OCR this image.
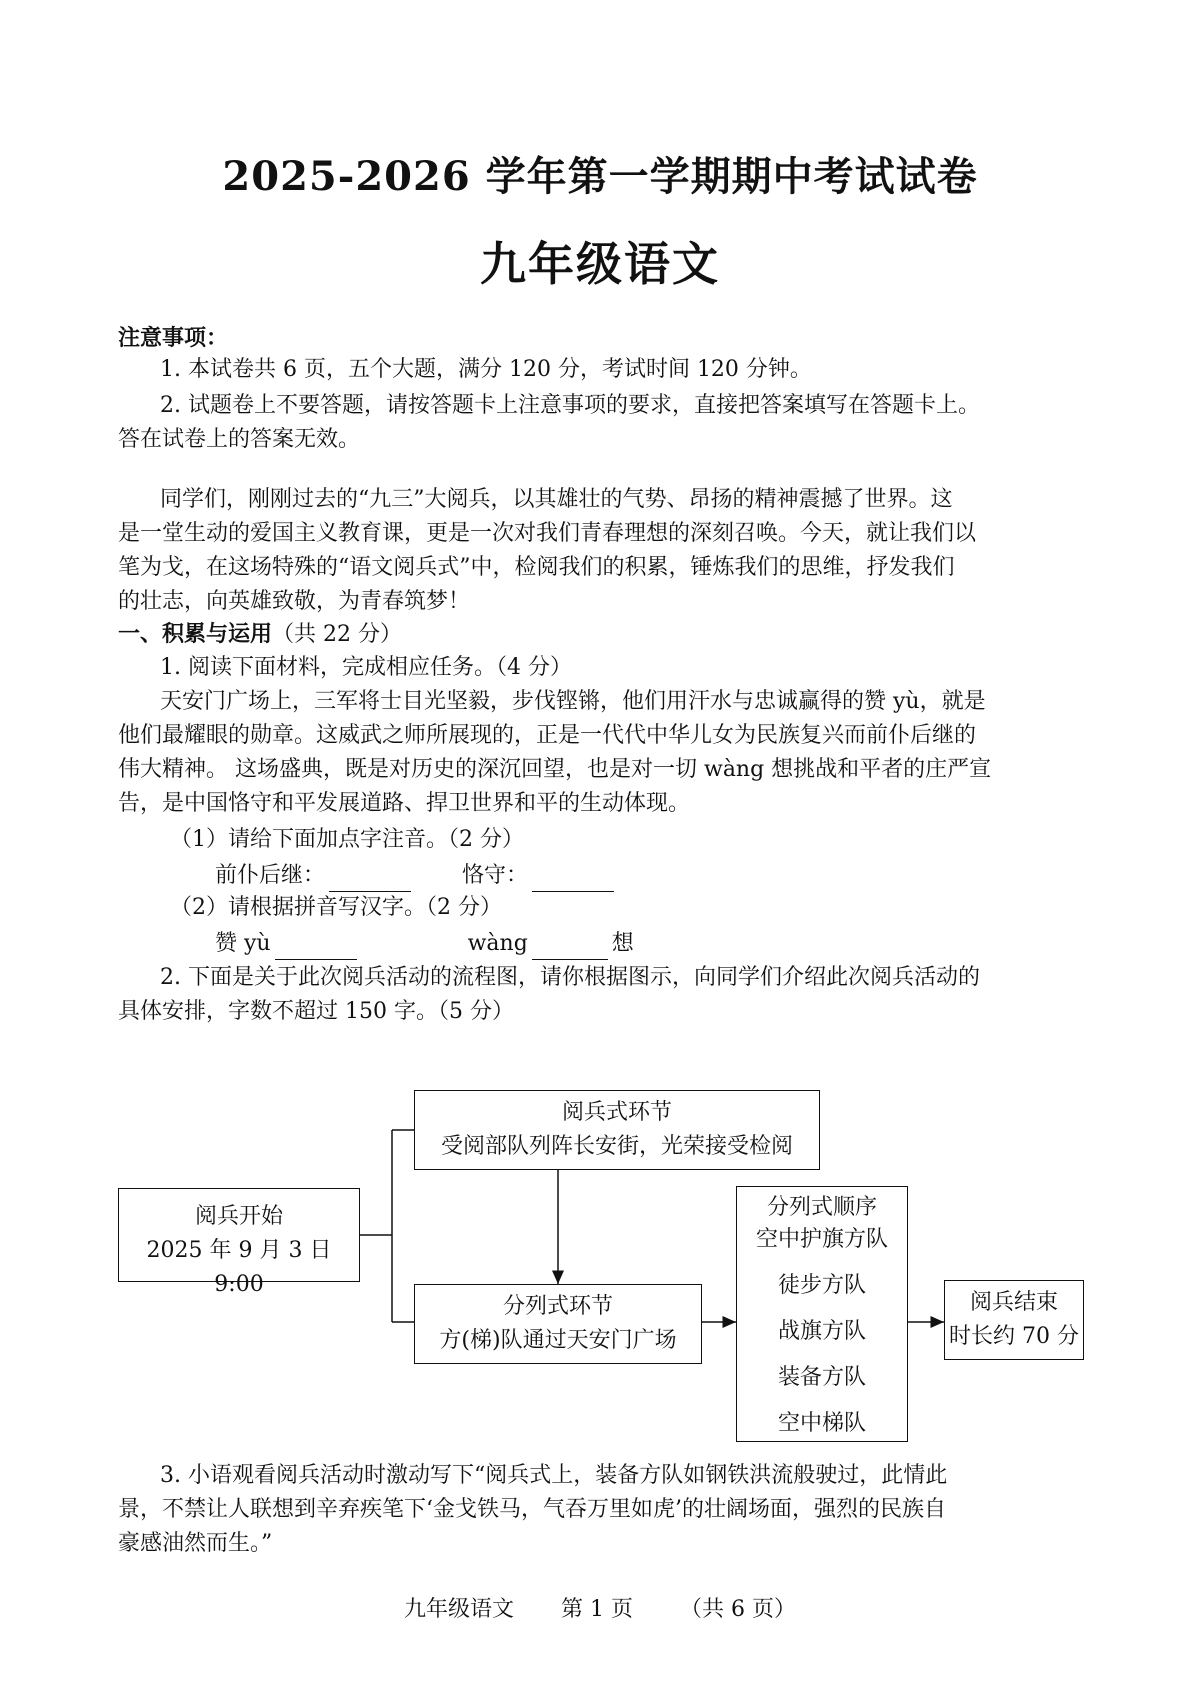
2025-2026 学年第一学期期中考试试卷
九年级语文
注意事项：
1. 本试卷共 6 页，五个大题，满分 120 分，考试时间 120 分钟。
2. 试题卷上不要答题，请按答题卡上注意事项的要求，直接把答案填写在答题卡上。
答在试卷上的答案无效。
同学们，刚刚过去的“九三”大阅兵，以其雄壮的气势、昂扬的精神震撼了世界。这
是一堂生动的爱国主义教育课，更是一次对我们青春理想的深刻召唤。今天，就让我们以
笔为戈，在这场特殊的“语文阅兵式”中，检阅我们的积累，锤炼我们的思维，抒发我们
的壮志，向英雄致敬，为青春筑梦！
一、积累与运用（共 22 分）
1. 阅读下面材料，完成相应任务。（4 分）
天安门广场上，三军将士目光坚毅，步伐铿锵，他们用汗水与忠诚赢得的赞 yù，就是
他们最耀眼的勋章。这威武之师所展现的，正是一代代中华儿女为民族复兴而前仆后继的
伟大精神。 这场盛典，既是对历史的深沉回望，也是对一切 wàng 想挑战和平者的庄严宣
告，是中国恪守和平发展道路、捍卫世界和平的生动体现。
（1）请给下面加点字注音。（2 分）
前仆后继：	恪守：
（2）请根据拼音写汉字。（2 分）
赞 yù	wàng	想
2. 下面是关于此次阅兵活动的流程图，请你根据图示，向同学们介绍此次阅兵活动的
具体安排，字数不超过 150 字。（5 分）
阅兵开始
2025 年 9 月 3 日 9:00
阅兵式环节
受阅部队列阵长安街，光荣接受检阅
分列式环节
方(梯)队通过天安门广场
分列式顺序
空中护旗方队
徒步方队
战旗方队
装备方队
空中梯队
阅兵结束
时长约 70 分
3. 小语观看阅兵活动时激动写下“阅兵式上，装备方队如钢铁洪流般驶过，此情此
景，不禁让人联想到辛弃疾笔下‘金戈铁马，气吞万里如虎’的壮阔场面，强烈的民族自
豪感油然而生。”
九年级语文 第 1 页 （共 6 页）
